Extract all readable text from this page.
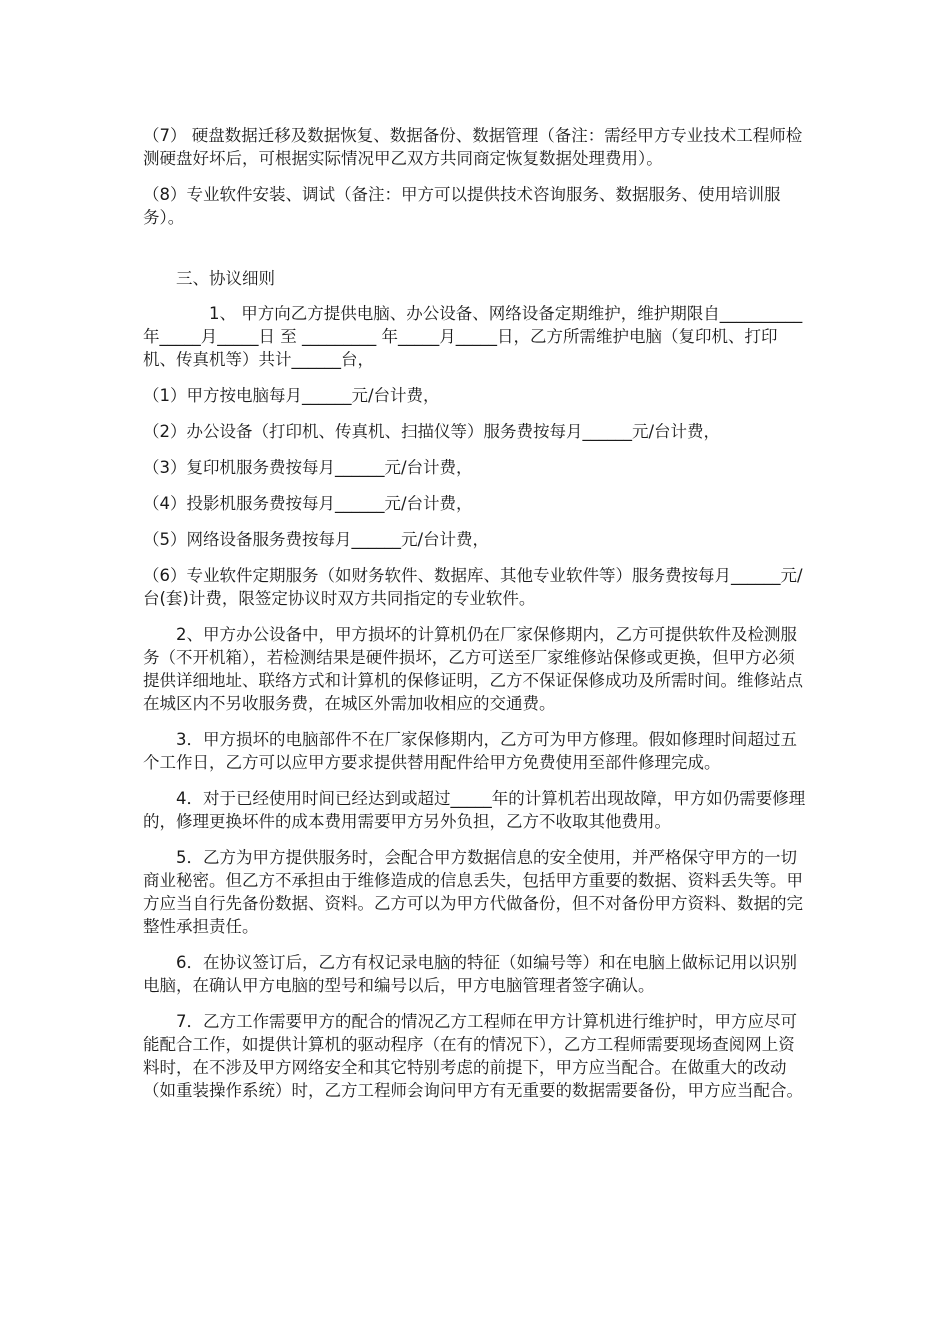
（7） 硬盘数据迁移及数据恢复、数据备份、数据管理（备注：需经甲方专业技术工程师检测硬盘好坏后，可根据实际情况甲乙双方共同商定恢复数据处理费用）。

（8）专业软件安装、调试（备注：甲方可以提供技术咨询服务、数据服务、使用培训服务）。

三、协议细则

1、 甲方向乙方提供电脑、办公设备、网络设备定期维护，维护期限自__________年_____月_____日 至 _________ 年_____月_____日，乙方所需维护电脑（复印机、打印机、传真机等）共计______台，

（1）甲方按电脑每月______元/台计费，

（2）办公设备（打印机、传真机、扫描仪等）服务费按每月______元/台计费，

（3）复印机服务费按每月______元/台计费，

（4）投影机服务费按每月______元/台计费，

（5）网络设备服务费按每月______元/台计费，

（6）专业软件定期服务（如财务软件、数据库、其他专业软件等）服务费按每月______元/台(套)计费，限签定协议时双方共同指定的专业软件。

2、甲方办公设备中，甲方损坏的计算机仍在厂家保修期内，乙方可提供软件及检测服务（不开机箱），若检测结果是硬件损坏，乙方可送至厂家维修站保修或更换，但甲方必须提供详细地址、联络方式和计算机的保修证明，乙方不保证保修成功及所需时间。维修站点在城区内不另收服务费，在城区外需加收相应的交通费。

3．甲方损坏的电脑部件不在厂家保修期内，乙方可为甲方修理。假如修理时间超过五个工作日，乙方可以应甲方要求提供替用配件给甲方免费使用至部件修理完成。

4．对于已经使用时间已经达到或超过_____年的计算机若出现故障，甲方如仍需要修理的，修理更换坏件的成本费用需要甲方另外负担，乙方不收取其他费用。

5．乙方为甲方提供服务时，会配合甲方数据信息的安全使用，并严格保守甲方的一切商业秘密。但乙方不承担由于维修造成的信息丢失，包括甲方重要的数据、资料丢失等。甲方应当自行先备份数据、资料。乙方可以为甲方代做备份，但不对备份甲方资料、数据的完整性承担责任。

6．在协议签订后，乙方有权记录电脑的特征（如编号等）和在电脑上做标记用以识别电脑，在确认甲方电脑的型号和编号以后，甲方电脑管理者签字确认。

7．乙方工作需要甲方的配合的情况乙方工程师在甲方计算机进行维护时，甲方应尽可能配合工作，如提供计算机的驱动程序（在有的情况下），乙方工程师需要现场查阅网上资料时，在不涉及甲方网络安全和其它特别考虑的前提下，甲方应当配合。在做重大的改动（如重装操作系统）时，乙方工程师会询问甲方有无重要的数据需要备份，甲方应当配合。
